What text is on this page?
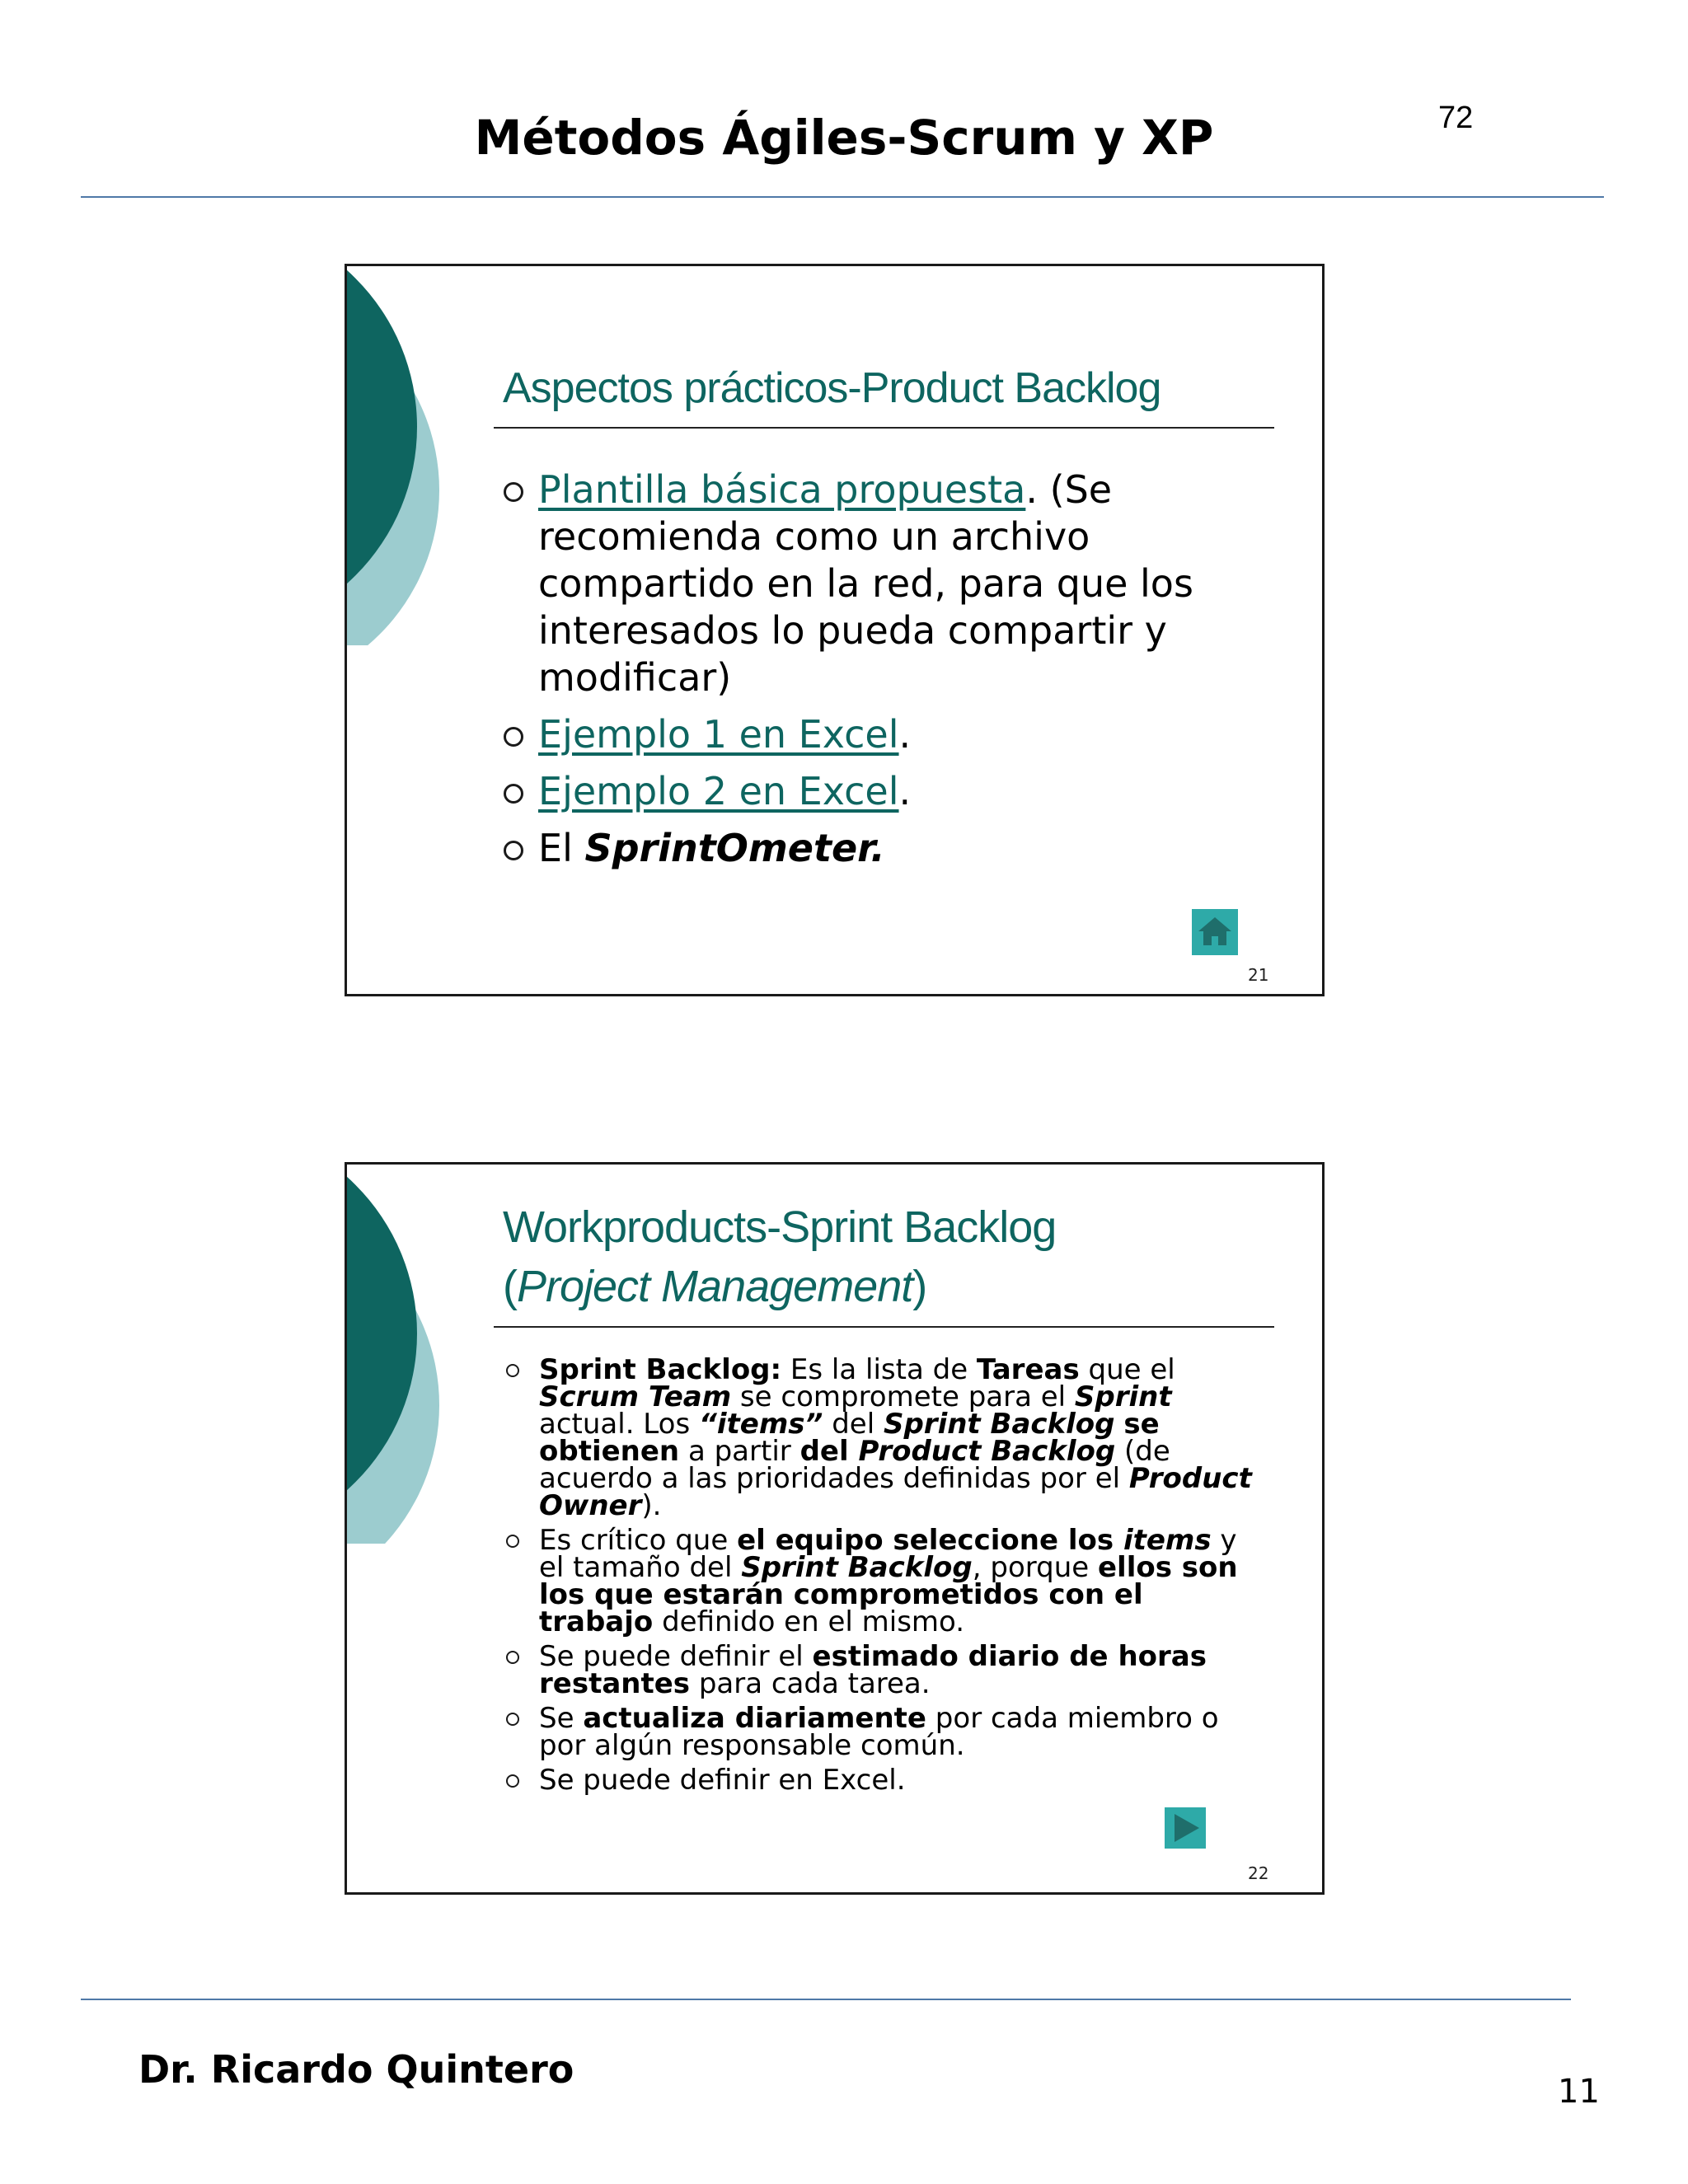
Métodos Ágiles-Scrum y XP	72
Aspectos prácticos-Product Backlog
Plantilla básica propuesta. (Se recomienda como un archivo compartido en la red, para que los interesados lo pueda compartir y modificar)
Ejemplo 1 en Excel.
Ejemplo 2 en Excel.
El SprintOmeter.
21
Workproducts-Sprint Backlog
(Project Management)
Sprint Backlog: Es la lista de Tareas que el Scrum Team se compromete para el Sprint actual. Los “items” del Sprint Backlog se obtienen a partir del Product Backlog (de acuerdo a las prioridades definidas por el Product Owner).
Es crítico que el equipo seleccione los items y el tamaño del Sprint Backlog, porque ellos son los que estarán comprometidos con el trabajo definido en el mismo.
Se puede definir el estimado diario de horas restantes para cada tarea.
Se actualiza diariamente por cada miembro o por algún responsable común.
Se puede definir en Excel.
22
Dr. Ricardo Quintero	11
